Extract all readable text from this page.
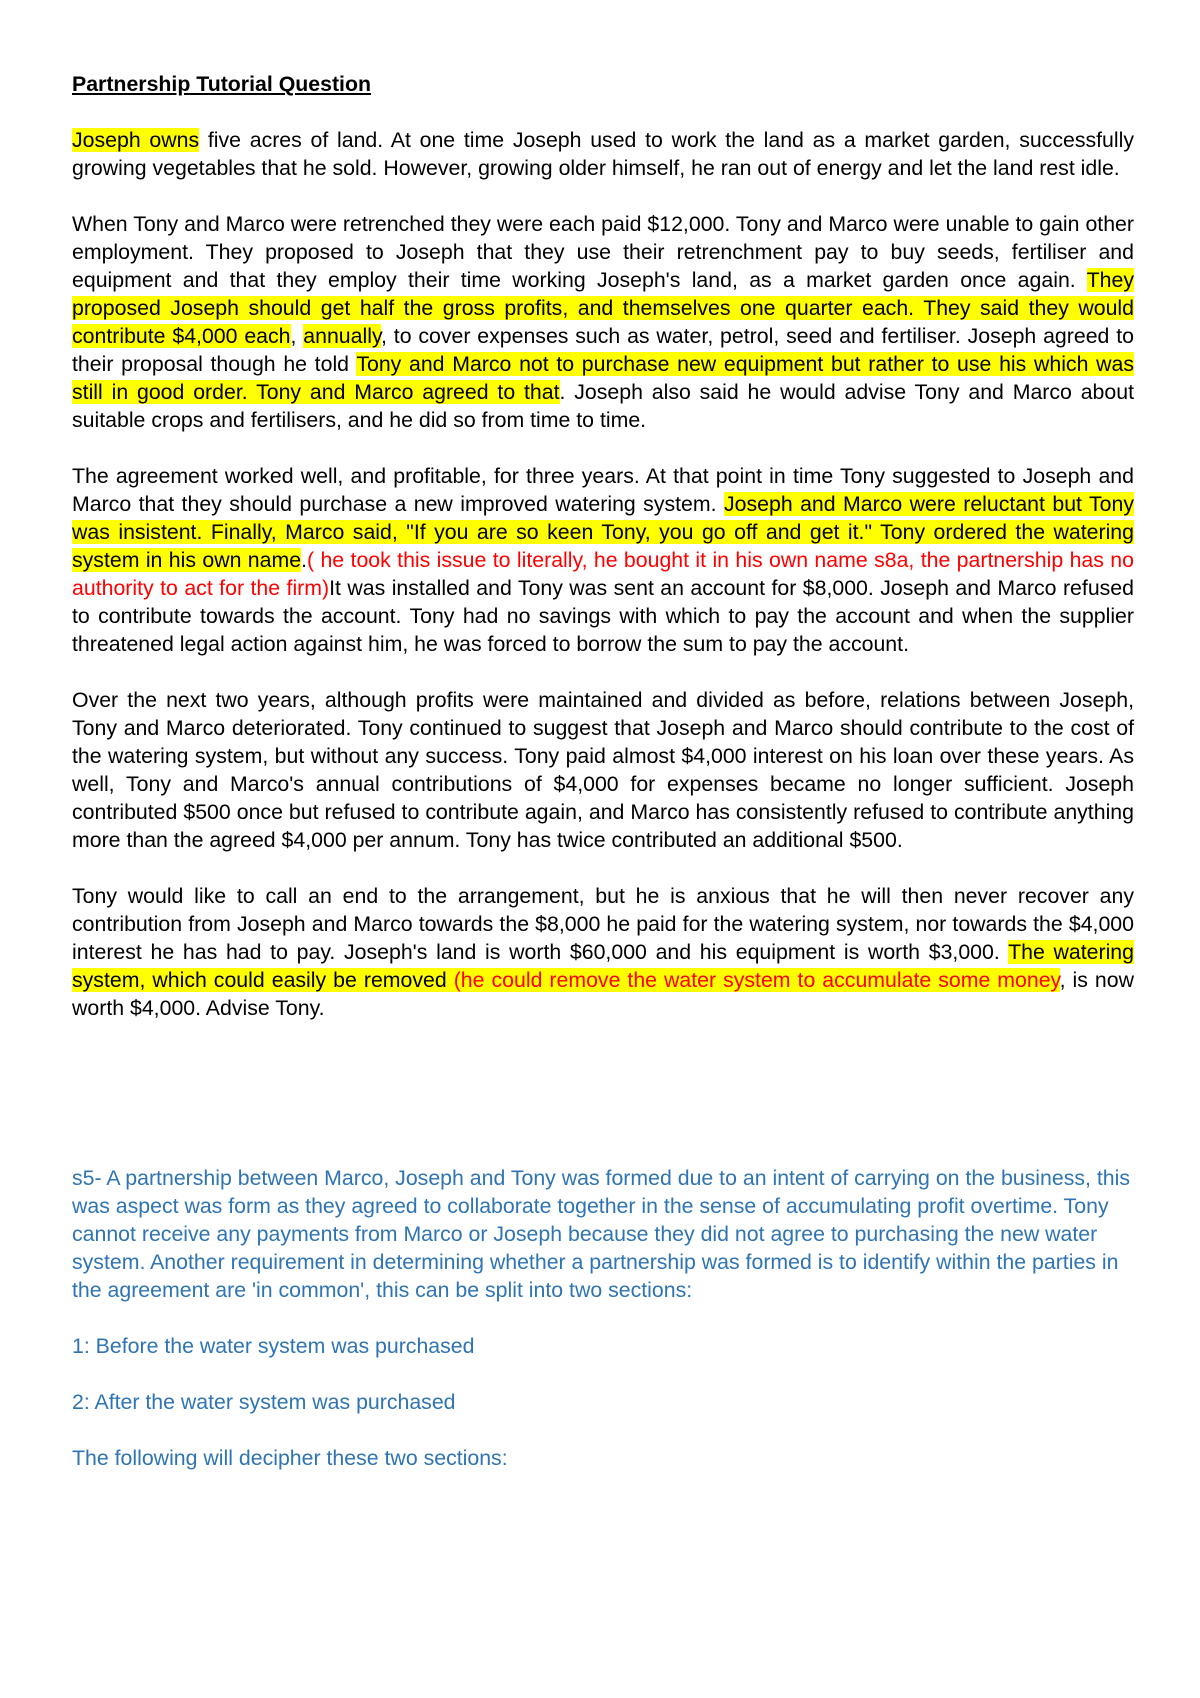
Partnership Tutorial Question

Joseph owns five acres of land. At one time Joseph used to work the land as a market garden, successfully growing vegetables that he sold. However, growing older himself, he ran out of energy and let the land rest idle.

When Tony and Marco were retrenched they were each paid $12,000. Tony and Marco were unable to gain other employment. They proposed to Joseph that they use their retrenchment pay to buy seeds, fertiliser and equipment and that they employ their time working Joseph's land, as a market garden once again. They proposed Joseph should get half the gross profits, and themselves one quarter each. They said they would contribute $4,000 each, annually, to cover expenses such as water, petrol, seed and fertiliser. Joseph agreed to their proposal though he told Tony and Marco not to purchase new equipment but rather to use his which was still in good order. Tony and Marco agreed to that. Joseph also said he would advise Tony and Marco about suitable crops and fertilisers, and he did so from time to time.

The agreement worked well, and profitable, for three years. At that point in time Tony suggested to Joseph and Marco that they should purchase a new improved watering system. Joseph and Marco were reluctant but Tony was insistent. Finally, Marco said, "If you are so keen Tony, you go off and get it." Tony ordered the watering system in his own name.( he took this issue to literally, he bought it in his own name s8a, the partnership has no authority to act for the firm)It was installed and Tony was sent an account for $8,000. Joseph and Marco refused to contribute towards the account. Tony had no savings with which to pay the account and when the supplier threatened legal action against him, he was forced to borrow the sum to pay the account.

Over the next two years, although profits were maintained and divided as before, relations between Joseph, Tony and Marco deteriorated. Tony continued to suggest that Joseph and Marco should contribute to the cost of the watering system, but without any success. Tony paid almost $4,000 interest on his loan over these years. As well, Tony and Marco's annual contributions of $4,000 for expenses became no longer sufficient. Joseph contributed $500 once but refused to contribute again, and Marco has consistently refused to contribute anything more than the agreed $4,000 per annum. Tony has twice contributed an additional $500.

Tony would like to call an end to the arrangement, but he is anxious that he will then never recover any contribution from Joseph and Marco towards the $8,000 he paid for the watering system, nor towards the $4,000 interest he has had to pay. Joseph's land is worth $60,000 and his equipment is worth $3,000. The watering system, which could easily be removed (he could remove the water system to accumulate some money, is now worth $4,000. Advise Tony.

s5- A partnership between Marco, Joseph and Tony was formed due to an intent of carrying on the business, this was aspect was form as they agreed to collaborate together in the sense of accumulating profit overtime. Tony cannot receive any payments from Marco or Joseph because they did not agree to purchasing the new water system. Another requirement in determining whether a partnership was formed is to identify within the parties in the agreement are 'in common', this can be split into two sections:

1: Before the water system was purchased

2: After the water system was purchased

The following will decipher these two sections:
